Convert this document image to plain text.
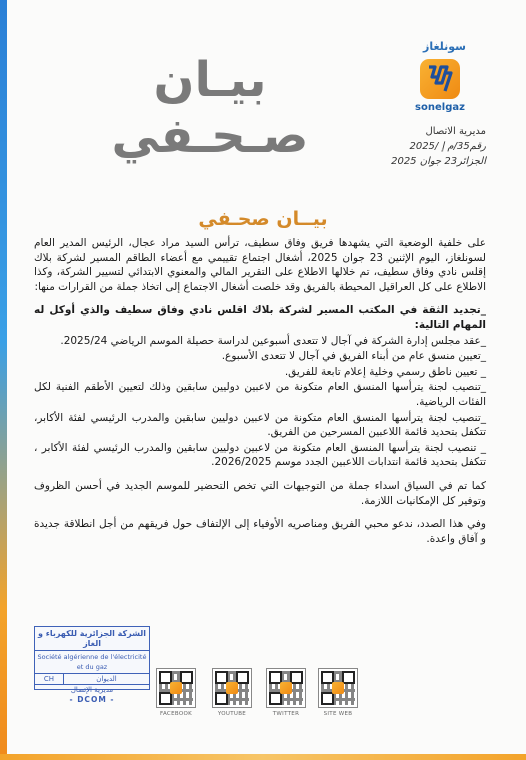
سونلغاز
sonelgaz
بيـان صـحـفي	مديرية الاتصال
رقم35/م إ /2025
الجزائر23 جوان 2025
بيــان صحـفي

على خلفية الوضعية التي يشهدها فريق وفاق سطيف، ترأس السيد مراد عجال، الرئيس المدير العام لسونلغاز، اليوم الإثنين 23 جوان 2025، أشغال اجتماع تقييمي مع أعضاء الطاقم المسير لشركة بلاك إقلس نادي وفاق سطيف، تم خلالها الاطلاع على التقرير المالي والمعنوي الابتدائي لتسيير الشركة، وكذا الاطلاع على كل العراقيل المحيطة بالفريق وقد خلصت أشغال الاجتماع إلى اتخاذ جملة من القرارات منها:

_تجديد الثقة في المكتب المسير لشركة بلاك اقلس نادي وفاق سطيف والذي أوكل له المهام التالية:
_عقد مجلس إدارة الشركة في آجال لا تتعدى أسبوعين لدراسة حصيلة الموسم الرياضي 2025/24.
_تعيين منسق عام من أبناء الفريق في آجال لا تتعدى الأسبوع.
_ تعيين ناطق رسمي وخلية إعلام تابعة للفريق.
_تنصيب لجنة يترأسها المنسق العام متكونة من لاعبين دوليين سابقين وذلك لتعيين الأطقم الفنية لكل الفئات الرياضية.
_تنصيب لجنة يترأسها المنسق العام متكونة من لاعبين دوليين سابقين والمدرب الرئيسي لفئة الأكابر، تتكفل بتحديد قائمة اللاعبين المسرحين من الفريق.
_ تنصيب لجنة يترأسها المنسق العام متكونة من لاعبين دوليين سابقين والمدرب الرئيسي لفئة الأكابر ، تتكفل بتحديد قائمة انتدابات اللاعبين الجدد موسم 2026/2025.

كما تم في السياق اسداء جملة من التوجيهات التي تخص التحضير للموسم الجديد في أحسن الظروف وتوفير كل الإمكانيات اللازمة.

وفي هذا الصدد، ندعو محبي الفريق ومناصريه الأوفياء إلى الإلتفاف حول فريقهم من أجل انطلاقة جديدة و آفاق واعدة.

الشركة الجزائرية للكهرباء و الغاز
Société algérienne de l'électricité et du gaz
CH	الديوان
مديرية الإتصال
- DCOM -
FACEBOOK	YOUTUBE	TWITTER	SITE WEB
